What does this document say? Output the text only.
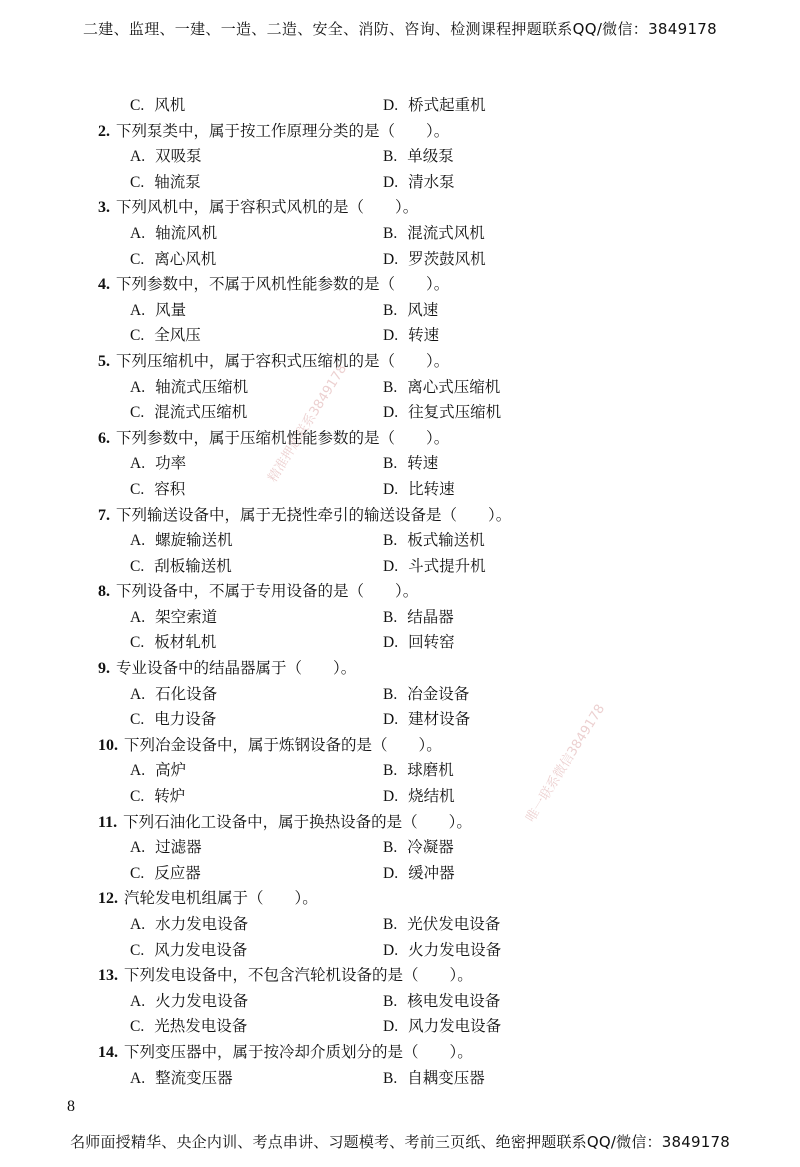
二建、监理、一建、一造、二造、安全、消防、咨询、检测课程押题联系QQ/微信：3849178
精准押题联系3849178
唯一联系微信3849178
C. 风机	D. 桥式起重机
2. 下列泵类中，属于按工作原理分类的是（　　）。
A. 双吸泵	B. 单级泵
C. 轴流泵	D. 清水泵
3. 下列风机中，属于容积式风机的是（　　）。
A. 轴流风机	B. 混流式风机
C. 离心风机	D. 罗茨鼓风机
4. 下列参数中，不属于风机性能参数的是（　　）。
A. 风量	B. 风速
C. 全风压	D. 转速
5. 下列压缩机中，属于容积式压缩机的是（　　）。
A. 轴流式压缩机	B. 离心式压缩机
C. 混流式压缩机	D. 往复式压缩机
6. 下列参数中，属于压缩机性能参数的是（　　）。
A. 功率	B. 转速
C. 容积	D. 比转速
7. 下列输送设备中，属于无挠性牵引的输送设备是（　　）。
A. 螺旋输送机	B. 板式输送机
C. 刮板输送机	D. 斗式提升机
8. 下列设备中，不属于专用设备的是（　　）。
A. 架空索道	B. 结晶器
C. 板材轧机	D. 回转窑
9. 专业设备中的结晶器属于（　　）。
A. 石化设备	B. 冶金设备
C. 电力设备	D. 建材设备
10. 下列冶金设备中，属于炼钢设备的是（　　）。
A. 高炉	B. 球磨机
C. 转炉	D. 烧结机
11. 下列石油化工设备中，属于换热设备的是（　　）。
A. 过滤器	B. 冷凝器
C. 反应器	D. 缓冲器
12. 汽轮发电机组属于（　　）。
A. 水力发电设备	B. 光伏发电设备
C. 风力发电设备	D. 火力发电设备
13. 下列发电设备中，不包含汽轮机设备的是（　　）。
A. 火力发电设备	B. 核电发电设备
C. 光热发电设备	D. 风力发电设备
14. 下列变压器中，属于按冷却介质划分的是（　　）。
A. 整流变压器	B. 自耦变压器
8
名师面授精华、央企内训、考点串讲、习题模考、考前三页纸、绝密押题联系QQ/微信：3849178
